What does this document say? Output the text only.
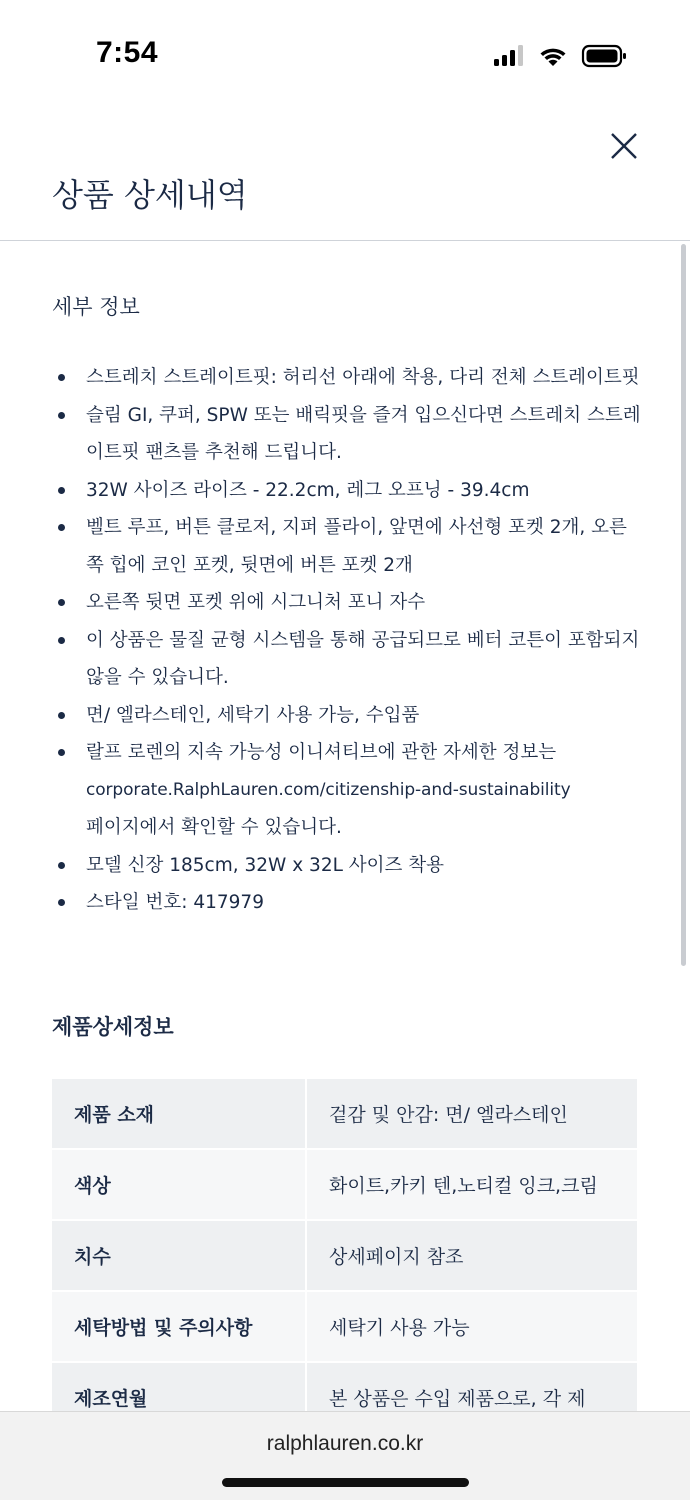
7:54
상품 상세내역
세부 정보
스트레치 스트레이트핏: 허리선 아래에 착용, 다리 전체 스트레이트핏
슬림 GI, 쿠퍼, SPW 또는 배릭핏을 즐겨 입으신다면 스트레치 스트레이트핏 팬츠를 추천해 드립니다.
32W 사이즈 라이즈 - 22.2cm, 레그 오프닝 - 39.4cm
벨트 루프, 버튼 클로저, 지퍼 플라이, 앞면에 사선형 포켓 2개, 오른쪽 힙에 코인 포켓, 뒷면에 버튼 포켓 2개
오른쪽 뒷면 포켓 위에 시그니처 포니 자수
이 상품은 물질 균형 시스템을 통해 공급되므로 베터 코튼이 포함되지 않을 수 있습니다.
면/ 엘라스테인, 세탁기 사용 가능, 수입품
랄프 로렌의 지속 가능성 이니셔티브에 관한 자세한 정보는
corporate.RalphLauren.com/citizenship-and-sustainability
페이지에서 확인할 수 있습니다.
모델 신장 185cm, 32W x 32L 사이즈 착용
스타일 번호: 417979
제품상세정보
제품 소재	겉감 및 안감: 면/ 엘라스테인
색상	화이트,카키 텐,노티컬 잉크,크림
치수	상세페이지 참조
세탁방법 및 주의사항	세탁기 사용 가능
제조연월	본 상품은 수입 제품으로, 각 제
ralphlauren.co.kr
